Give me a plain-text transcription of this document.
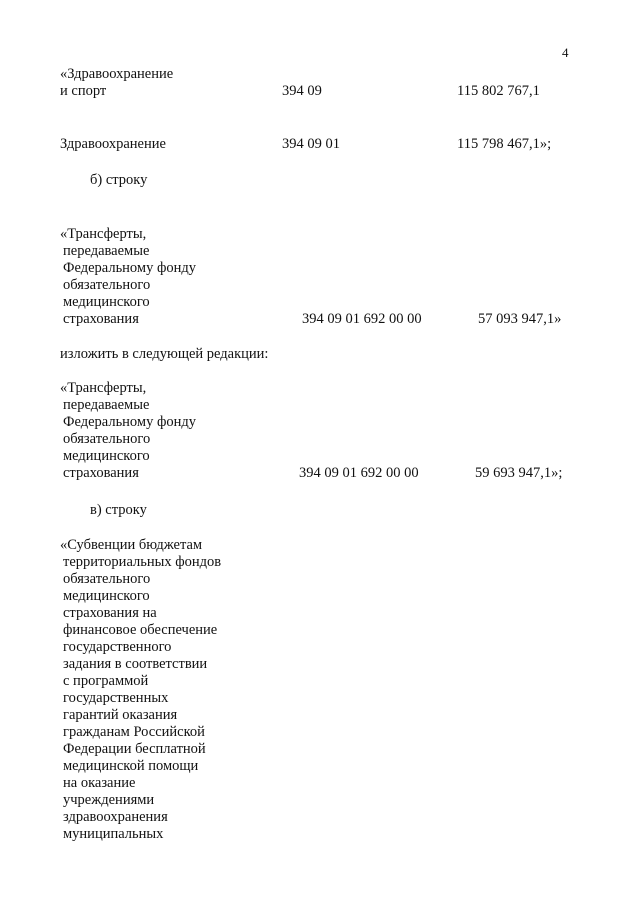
4
«Здравоохранение
и спорт	394 09	115 802 767,1
Здравоохранение	394 09 01	115 798 467,1»;
б) строку
«Трансферты,
передаваемые
Федеральному фонду
обязательного
медицинского
страхования	394 09 01 692 00 00	57 093 947,1»
изложить в следующей редакции:
«Трансферты,
передаваемые
Федеральному фонду
обязательного
медицинского
страхования	394 09 01 692 00 00	59 693 947,1»;
в) строку
«Субвенции бюджетам
территориальных фондов
обязательного
медицинского
страхования на
финансовое обеспечение
государственного
задания в соответствии
с программой
государственных
гарантий оказания
гражданам Российской
Федерации бесплатной
медицинской помощи
на оказание
учреждениями
здравоохранения
муниципальных
